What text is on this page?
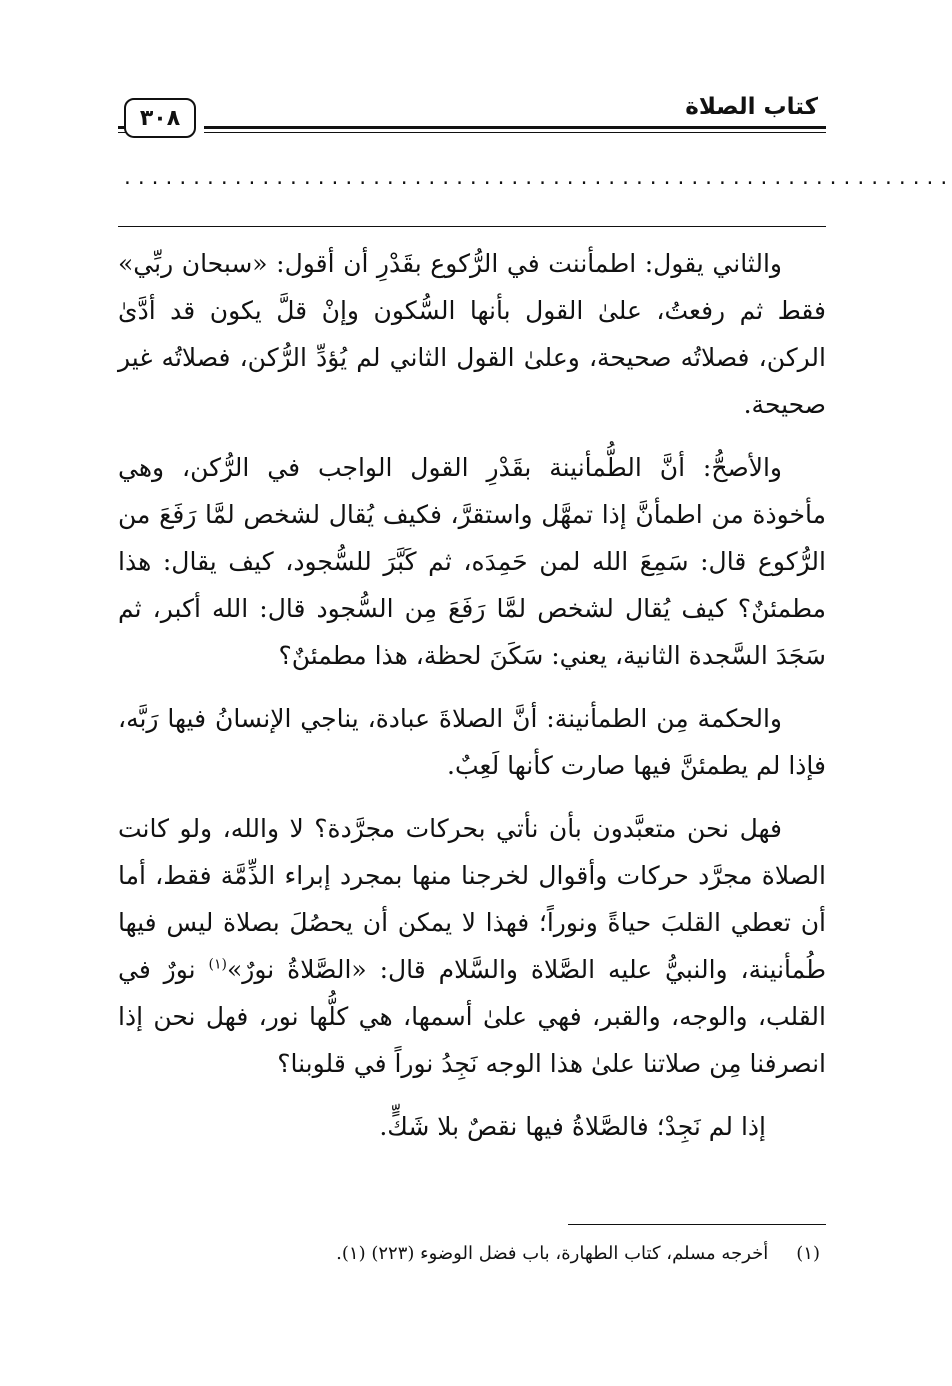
كتاب الصلاة
٣٠٨
............................................................

والثاني يقول: اطمأننت في الرُّكوع بقَدْرِ أن أقول: «سبحان ربِّي» فقط ثم رفعتُ، علىٰ القول بأنها السُّكون وإنْ قلَّ يكون قد أدَّىٰ الركن، فصلاتُه صحيحة، وعلىٰ القول الثاني لم يُؤدِّ الرُّكن، فصلاتُه غير صحيحة.

والأصحُّ: أنَّ الطُّمأنينة بقَدْرِ القول الواجب في الرُّكن، وهي مأخوذة من اطمأنَّ إذا تمهَّل واستقرَّ، فكيف يُقال لشخص لمَّا رَفَعَ من الرُّكوع قال: سَمِعَ الله لمن حَمِدَه، ثم كَبَّرَ للسُّجود، كيف يقال: هذا مطمئنٌ؟ كيف يُقال لشخص لمَّا رَفَعَ مِن السُّجود قال: الله أكبر، ثم سَجَدَ السَّجدة الثانية، يعني: سَكَنَ لحظة، هذا مطمئنٌ؟

والحكمة مِن الطمأنينة: أنَّ الصلاةَ عبادة، يناجي الإنسانُ فيها رَبَّه، فإذا لم يطمئنَّ فيها صارت كأنها لَعِبٌ.

فهل نحن متعبَّدون بأن نأتي بحركات مجرَّدة؟ لا والله، ولو كانت الصلاة مجرَّد حركات وأقوال لخرجنا منها بمجرد إبراء الذِّمَّة فقط، أما أن تعطي القلبَ حياةً ونوراً؛ فهذا لا يمكن أن يحصُلَ بصلاة ليس فيها طُمأنينة، والنبيُّ عليه الصَّلاة والسَّلام قال: «الصَّلاةُ نورٌ»$^{(١)}$ نورٌ في القلب، والوجه، والقبر، فهي علىٰ أسمها، هي كلُّها نور، فهل نحن إذا انصرفنا مِن صلاتنا علىٰ هذا الوجه نَجِدُ نوراً في قلوبنا؟

إذا لم نَجِدْ؛ فالصَّلاةُ فيها نقصٌ بلا شَكٍّ.

(١) أخرجه مسلم، كتاب الطهارة، باب فضل الوضوء (٢٢٣) (١).
